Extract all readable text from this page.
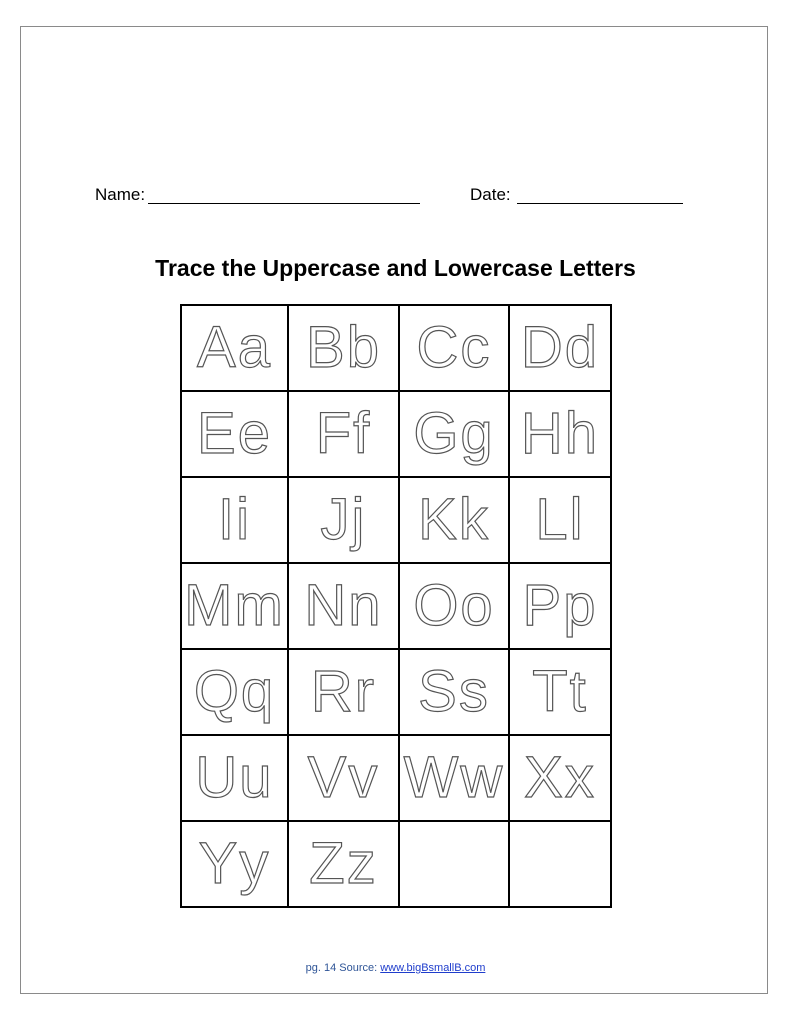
Name:	Date:
Trace the Uppercase and Lowercase Letters
Aa	Bb	Cc	Dd
Ee	Ff	Gg	Hh
Ii	Jj	Kk	Ll
Mm	Nn	Oo	Pp
Qq	Rr	Ss	Tt
Uu	Vv	Ww	Xx
Yy	Zz		
pg. 14 Source: www.bigBsmallB.com
